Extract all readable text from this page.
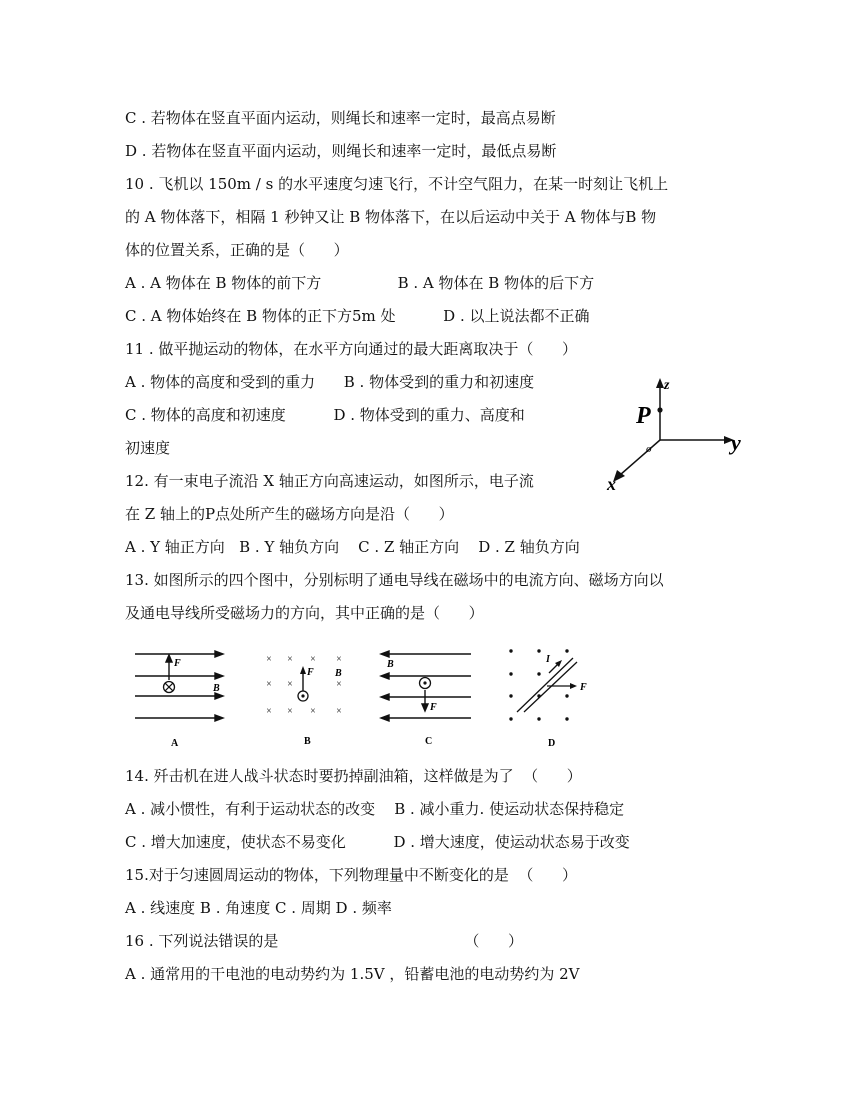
C . 若物体在竖直平面内运动，则绳长和速率一定时，最高点易断
D . 若物体在竖直平面内运动，则绳长和速率一定时，最低点易断
10 . 飞机以 150m / s 的水平速度匀速飞行，不计空气阻力，在某一时刻让飞机上
的 A 物体落下，相隔 1 秒钟又让 B 物体落下，在以后运动中关于 A 物体与B 物
体的位置关系，正确的是（      ）
A . A 物体在 B 物体的前下方                B . A 物体在 B 物体的后下方
C . A 物体始终在 B 物体的正下方5m 处          D . 以上说法都不正确
11 . 做平抛运动的物体，在水平方向通过的最大距离取决于（      ）
A . 物体的高度和受到的重力      B . 物体受到的重力和初速度
C . 物体的高度和初速度          D . 物体受到的重力、高度和
初速度
12. 有一束电子流沿 X 轴正方向高速运动，如图所示，电子流
在 Z 轴上的P点处所产生的磁场方向是沿（      ）
A . Y 轴正方向   B . Y 轴负方向    C . Z 轴正方向    D . Z 轴负方向
13. 如图所示的四个图中，分别标明了通电导线在磁场中的电流方向、磁场方向以
及通电导线所受磁场力的方向，其中正确的是（      ）
14. 歼击机在进人战斗状态时要扔掉副油箱，这样做是为了  （      ）
A . 减小惯性，有利于运动状态的改变    B . 减小重力. 使运动状态保持稳定
C . 增大加速度，使状态不易变化          D . 增大速度，使运动状态易于改变
15.对于匀速圆周运动的物体，下列物理量中不断变化的是  （      ）
A . 线速度 B . 角速度 C . 周期 D . 频率
16 . 下列说法错误的是                                       （      ）
A . 通常用的干电池的电动势约为 1.5V ，铅蓄电池的电动势约为 2V
z
P
o	y
x
F
B
A
× × × ×
× ×	×
× × × ×
F B
B
B
F
C
I
F
D
